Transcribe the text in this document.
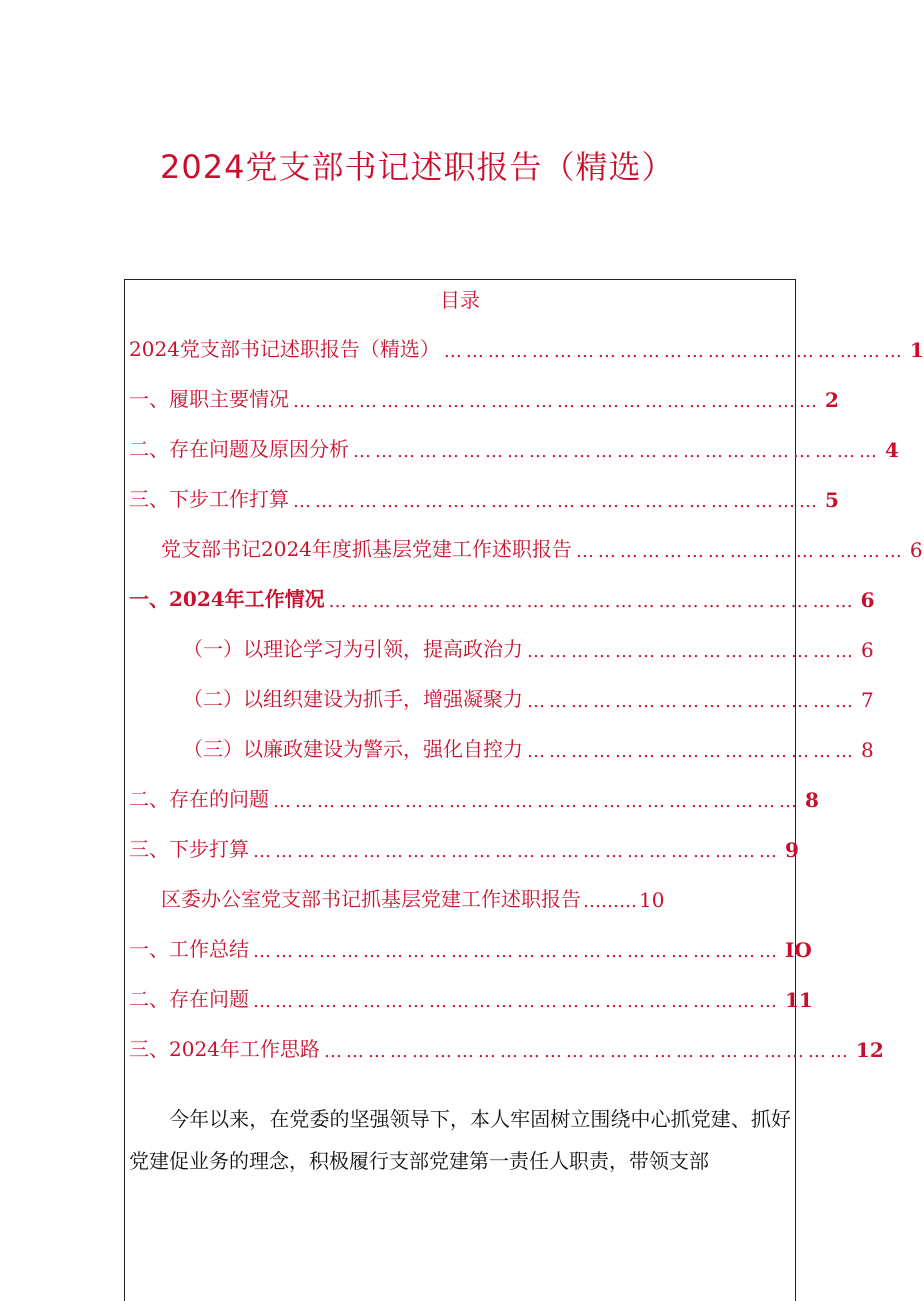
2024党支部书记述职报告（精选）
目录
2024党支部书记述职报告（精选） ……………………………………………………… 1
一、履职主要情况 ……………………………………………………………… 2
二、存在问题及原因分析 ……………………………………………………………… 4
三、下步工作打算 ……………………………………………………………… 5
党支部书记2024年度抓基层党建工作述职报告 ……………………………………… 6
一、2024年工作情况 ……………………………………………………………… 6
（一）以理论学习为引领，提高政治力 ……………………………………… 6
（二）以组织建设为抓手，增强凝聚力 ……………………………………… 7
（三）以廉政建设为警示，强化自控力 ……………………………………… 8
二、存在的问题 ……………………………………………………………… 8
三、下步打算 ……………………………………………………………… 9
区委办公室党支部书记抓基层党建工作述职报告 ……… 10
一、工作总结 ……………………………………………………………… IO
二、存在问题 ……………………………………………………………… 11
三、2024年工作思路 ……………………………………………………………… 12

今年以来，在党委的坚强领导下，本人牢固树立围绕中心抓党建、抓好党建促业务的理念，积极履行支部党建第一责任人职责，带领支部
